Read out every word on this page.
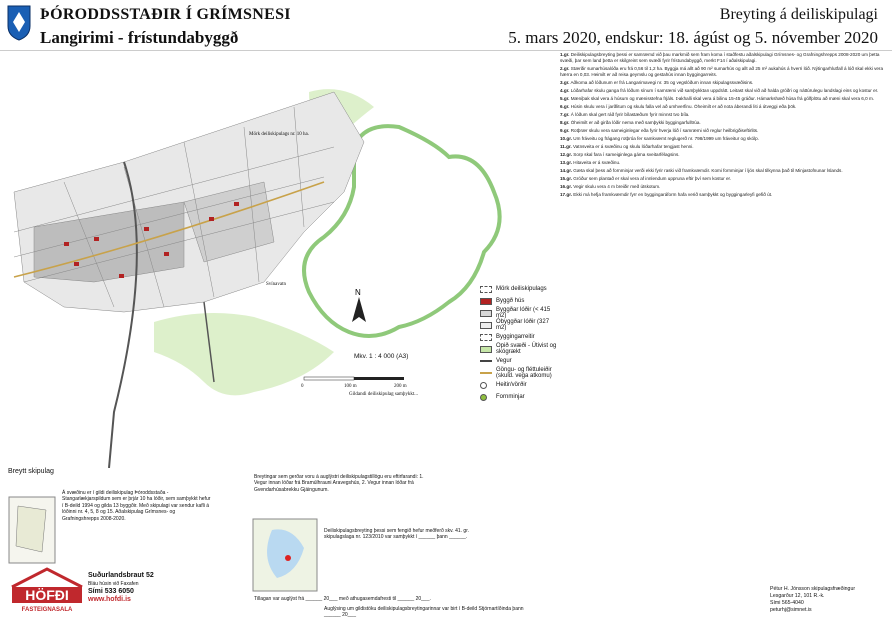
ÞÓRODDSSTAÐIR Í GRÍMSNESI
Langirimi - frístundabyggð
Breyting á deiliskipulagi
5. mars 2020, endskur: 18. ágúst og 5. nóvember 2020
N
Mörk deiliskipulags nr. 10 ha.
Svínavatn
Mkv. 1 : 4 000 (A3)
0	100 m	200 m
Gildandi deiliskipulag samþykkt...
Mörk deiliskipulags
Byggð hús
Byggðar lóðir (< 415 m2)
Óbyggðar lóðir (327 m2)
Byggingarreitir
Opið svæði - Útivist og skógrækt
Vegur
Göngu- og fléttuleiðir (skuld. vega atkomu)
Heitir/vörðir
Fornminjar

1.gr. Deiliskipulagsbreyting þessi er samræmd við þau markmið sem fram koma í staðfestu aðalskipulagi Grímsnes- og Grafningshrepps 2008-2020 um þetta svæði, þar sem land þetta er skilgreint sem svæði fyrir frístundabyggð, merkt F14 í aðalskipulagi.

2.gr. Stærðir sumarhúsalóða eru frá 0,56 til 1,2 ha. Byggja má allt að 90 m² sumarhús og allt að 25 m² aukahús á hverri lóð. Nýtingarhlutfall á lóð skal ekki vera hærra en 0,03. Heimilt er að reisa geymslu og gestahús innan byggingarreits.

3.gr. Aðkoma að lóðunum er frá Langarimavegi nr. 35 og vegslóðum innan skipulagssvæðisins.

4.gr. Lóðarhafar skulu ganga frá lóðum sínum í samræmi við samþykktan uppdrátt. Leitast skal við að halda gróðri og náttúrulegu landslagi eins og kostur er.

5.gr. Mæniþak skal vera á húsum og mænisstefna frjáls. Þakhalli skal vera á bilinu 15-45 gráður. Hámarkshæð húsa frá gólfplötu að mæni skal vera 6,0 m.

6.gr. Húsin skulu vera í jarðlitum og skulu falla vel að umhverfinu. Óheimilt er að nota áberandi liti á útveggi eða þök.

7.gr. Á lóðum skal gert ráð fyrir bílastæðum fyrir minnst tvo bíla.

8.gr. Óheimilt er að girða lóðir nema með samþykki byggingarfulltrúa.

9.gr. Rotþrær skulu vera sameiginlegar eða fyrir hverja lóð í samræmi við reglur heilbrigðiseftirlits.

10.gr. Um fráveitu og frágang rotþróa fer samkvæmt reglugerð nr. 798/1999 um fráveitur og skólp.

11.gr. Vatnsveita er á svæðinu og skulu lóðarhafar tengjast henni.

12.gr. Sorp skal fara í sameiginlega gáma sveitarfélagsins.

13.gr. Hitaveita er á svæðinu.

14.gr. Gæta skal þess að fornminjar verði ekki fyrir raski við framkvæmdir. Komi fornminjar í ljós skal tilkynna það til Minjastofnunar Íslands.

15.gr. Gróður sem plantað er skal vera af innlendum uppruna eftir því sem kostur er.

16.gr. Vegir skulu vera 4 m breiðir með útskotum.

17.gr. Ekki má hefja framkvæmdir fyrr en byggingaráform hafa verið samþykkt og byggingarleyfi gefið út.

Breytt skipulag
Á svæðinu er í gildi deiliskipulag Þóroddsstaða - Stangarlækjarspildum sem er þrjár 10 ha lóðir, sem samþykkt hefur í B-deild 1994 og gilda 13 byggðir. Með skipulagi var sendur kafli á lóðinni nr. 4, 5, 8 og 15. Aðalskipulag Grímsnes- og Grafningshrepps 2008-2020.
Breytingar sem gerðar voru á auglýstri deiliskipulagstillögu eru eftirfarandi: 1. Vegur innan lóðar frá Bramúlhrauni Aravegshús, 2. Vegur innan lóðar frá Gvendarhúsabrekku Gjáingunum.
Deiliskipulagsbreyting þessi sem fengið hefur meðferð skv. 41. gr. skipulagslaga nr. 123/2010 var samþykkt í ______ þann ______.
Tillagan var auglýst frá ______ 20___ með athugasemdafresti til ______ 20___.
Auglýsing um gildistöku deiliskipulagsbreytingarinnar var birt í B-deild Stjórnartíðinda þann ______ 20___
HÖFÐI
FASTEIGNASALA
Suðurlandsbraut 52
Bláu húsin við Faxafen
Sími 533 6050
www.hofdi.is
Pétur H. Jónsson skipulagsfræðingur
Lesgarður 12, 101 R.-k.
Sími 565-4040
peturhj@simnet.is
